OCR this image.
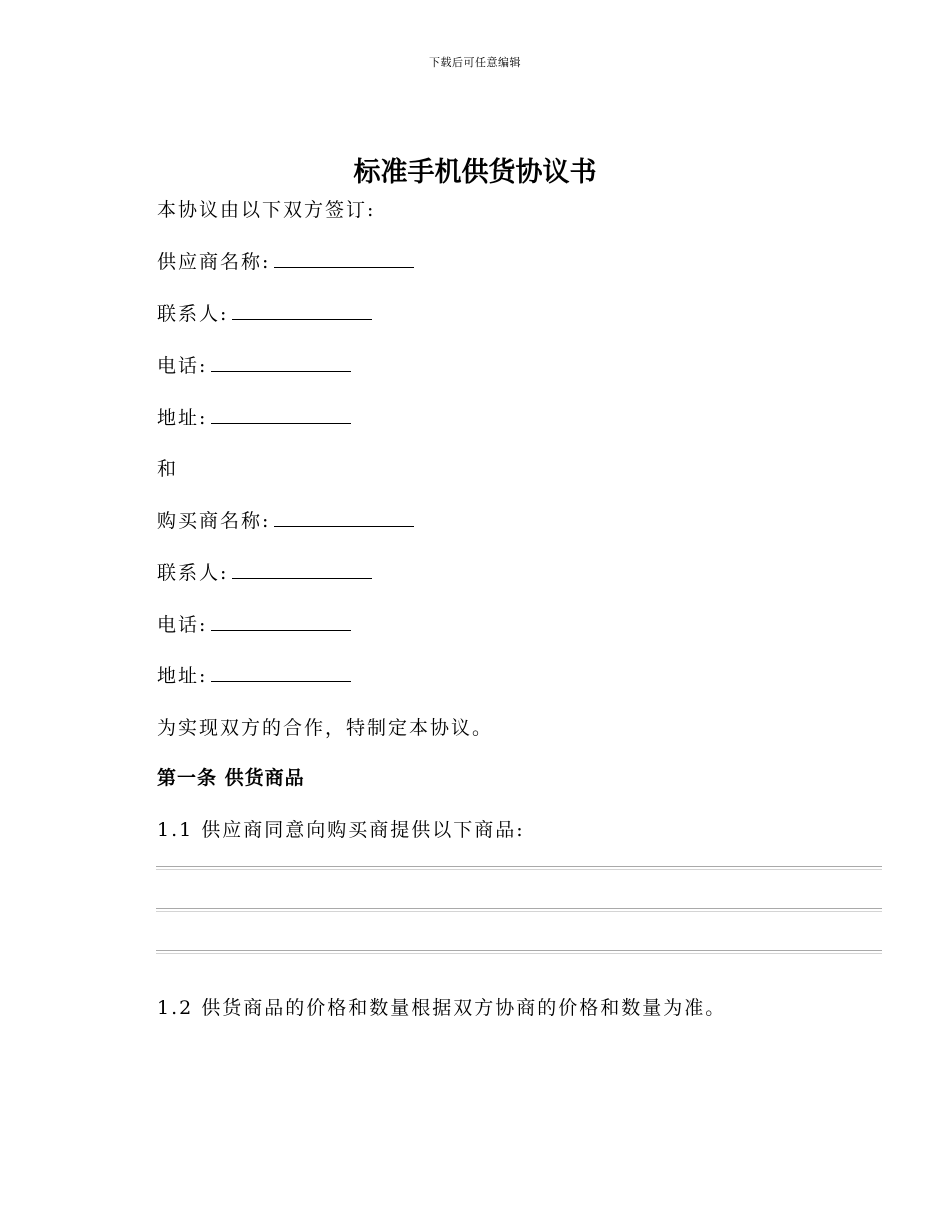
下载后可任意编辑
标准手机供货协议书
本协议由以下双方签订:
供应商名称:
联系人:
电话:
地址:
和
购买商名称:
联系人:
电话:
地址:
为实现双方的合作，特制定本协议。
第一条 供货商品
1.1 供应商同意向购买商提供以下商品:
1.2 供货商品的价格和数量根据双方协商的价格和数量为准。
